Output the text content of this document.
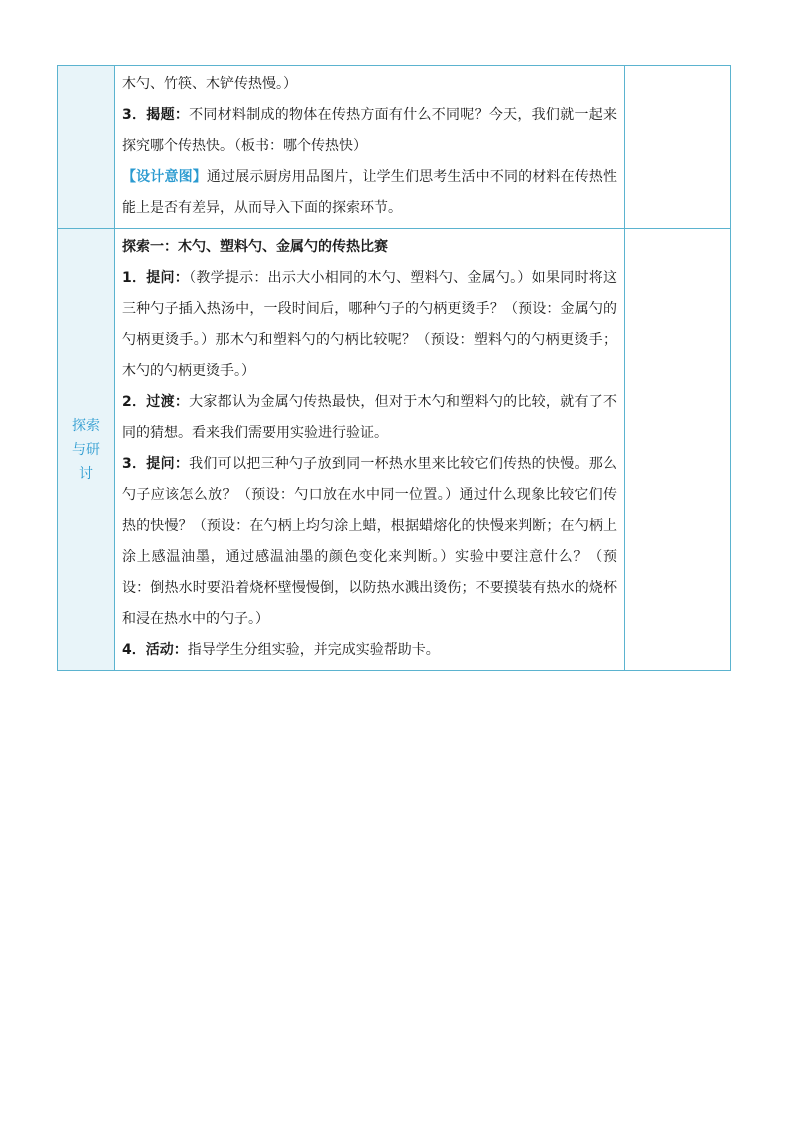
	木勺、竹筷、木铲传热慢。）

3．揭题：不同材料制成的物体在传热方面有什么不同呢？今天，我们就一起来探究哪个传热快。（板书：哪个传热快）

【设计意图】通过展示厨房用品图片，让学生们思考生活中不同的材料在传热性能上是否有差异，从而导入下面的探索环节。	

探索与研讨	探索一：木勺、塑料勺、金属勺的传热比赛

1．提问：（教学提示：出示大小相同的木勺、塑料勺、金属勺。）如果同时将这三种勺子插入热汤中，一段时间后，哪种勺子的勺柄更烫手？（预设：金属勺的勺柄更烫手。）那木勺和塑料勺的勺柄比较呢？（预设：塑料勺的勺柄更烫手；木勺的勺柄更烫手。）

2．过渡：大家都认为金属勺传热最快，但对于木勺和塑料勺的比较，就有了不同的猜想。看来我们需要用实验进行验证。

3．提问：我们可以把三种勺子放到同一杯热水里来比较它们传热的快慢。那么勺子应该怎么放？（预设：勺口放在水中同一位置。）通过什么现象比较它们传热的快慢？（预设：在勺柄上均匀涂上蜡，根据蜡熔化的快慢来判断；在勺柄上涂上感温油墨，通过感温油墨的颜色变化来判断。）实验中要注意什么？（预设：倒热水时要沿着烧杯壁慢慢倒，以防热水溅出烫伤；不要摸装有热水的烧杯和浸在热水中的勺子。）

4．活动：指导学生分组实验，并完成实验帮助卡。	
